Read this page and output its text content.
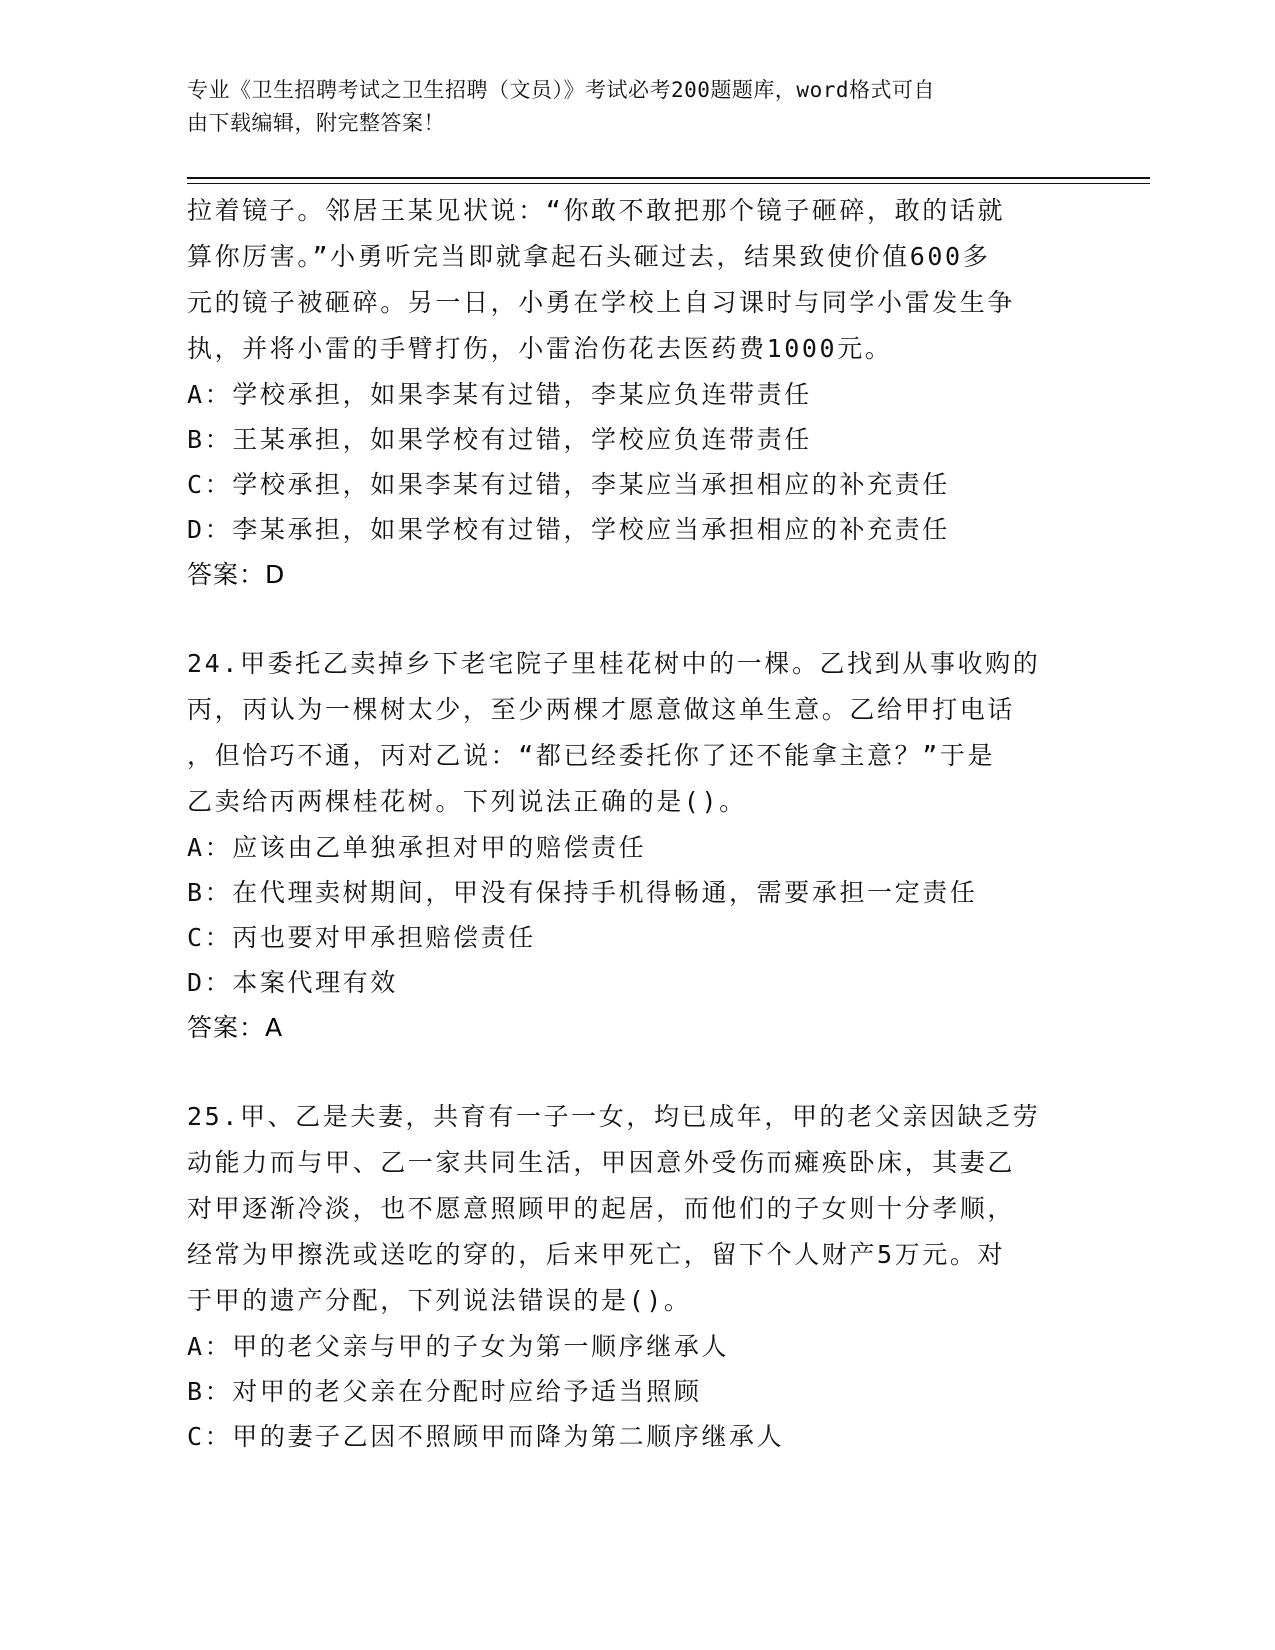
专业《卫生招聘考试之卫生招聘（文员）》考试必考200题题库，word格式可自
由下载编辑，附完整答案！
拉着镜子。邻居王某见状说：“你敢不敢把那个镜子砸碎，敢的话就
算你厉害。”小勇听完当即就拿起石头砸过去，结果致使价值600多
元的镜子被砸碎。另一日，小勇在学校上自习课时与同学小雷发生争
执，并将小雷的手臂打伤，小雷治伤花去医药费1000元。
A：学校承担，如果李某有过错，李某应负连带责任
B：王某承担，如果学校有过错，学校应负连带责任
C：学校承担，如果李某有过错，李某应当承担相应的补充责任
D：李某承担，如果学校有过错，学校应当承担相应的补充责任
答案：D
24.甲委托乙卖掉乡下老宅院子里桂花树中的一棵。乙找到从事收购的
丙，丙认为一棵树太少，至少两棵才愿意做这单生意。乙给甲打电话
，但恰巧不通，丙对乙说：“都已经委托你了还不能拿主意？”于是
乙卖给丙两棵桂花树。下列说法正确的是()。
A：应该由乙单独承担对甲的赔偿责任
B：在代理卖树期间，甲没有保持手机得畅通，需要承担一定责任
C：丙也要对甲承担赔偿责任
D：本案代理有效
答案：A
25.甲、乙是夫妻，共育有一子一女，均已成年，甲的老父亲因缺乏劳
动能力而与甲、乙一家共同生活，甲因意外受伤而瘫痪卧床，其妻乙
对甲逐渐冷淡，也不愿意照顾甲的起居，而他们的子女则十分孝顺，
经常为甲擦洗或送吃的穿的，后来甲死亡，留下个人财产5万元。对
于甲的遗产分配，下列说法错误的是()。
A：甲的老父亲与甲的子女为第一顺序继承人
B：对甲的老父亲在分配时应给予适当照顾
C：甲的妻子乙因不照顾甲而降为第二顺序继承人
